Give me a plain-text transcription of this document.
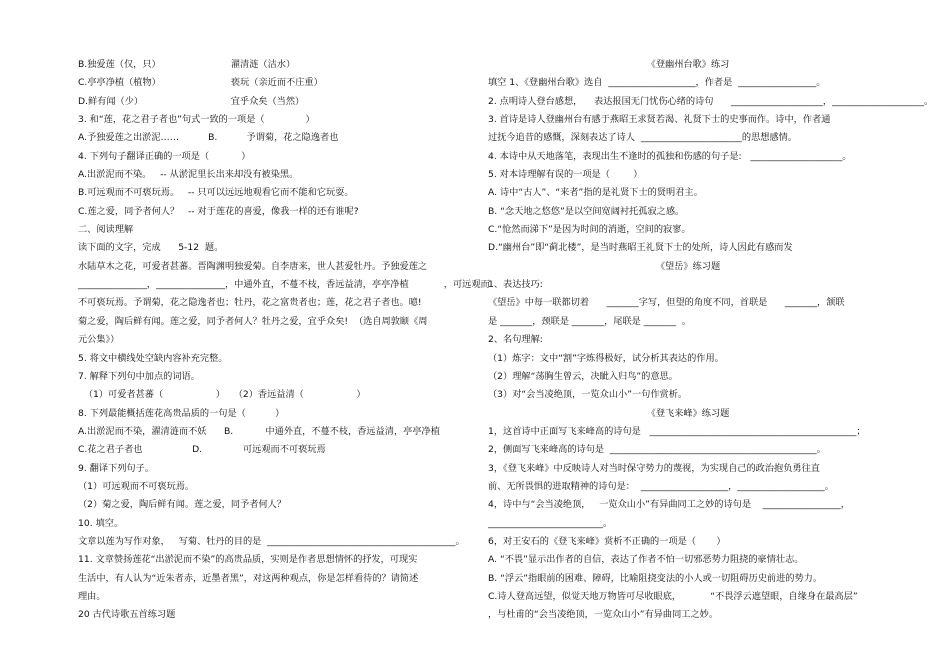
B.独爱莲（仅，只）                        濯清涟（洁水）
C.亭亭净植（植物）                        亵玩（亲近而不庄重）
D.鲜有闻（少）                              宜乎众矣（当然）
3. 和“莲，花之君子者也”句式一致的一项是（              ）
A.予独爱莲之出淤泥……          B.          予谓菊，花之隐逸者也
4. 下列句子翻译正确的一项是（           ）
A.出淤泥而不染。   -- 从淤泥里长出来却没有被染黑。
B.可远观而不可亵玩焉。   -- 只可以远远地观看它而不能和它玩耍。
C.莲之爱，同予者何人？   -- 对于莲花的喜爱，像我一样的还有谁呢?
二、阅读理解
读下面的文字，完成      5-12  题。
水陆草木之花，可爱者甚蕃。晋陶渊明独爱菊。自李唐来，世人甚爱牡丹。予独爱莲之
_______________，_______________，中通外直，不蔓不枝，香远益清，亭亭净植            ，可远观而
不可亵玩焉。予谓菊，花之隐逸者也；牡丹，花之富贵者也；莲，花之君子者也。噫!
菊之爱，陶后鲜有闻。莲之爱，同予者何人？牡丹之爱，宜乎众矣!  （选自周敦颐《周
元公集》）
5. 将文中横线处空缺内容补充完整。
7. 解释下列句中加点的词语。
（1）可爱者甚蕃（                  ）   （2）香远益清（                  ）
8. 下列最能概括莲花高贵品质的一句是（          ）
A.出淤泥而不染，濯清涟而不妖      B.           中通外直，不蔓不枝，香远益清，亭亭净植
C.花之君子者也                 D.              可远观而不可亵玩焉
9. 翻译下列句子。
（1）可远观而不可亵玩焉。
（2）菊之爱，陶后鲜有闻。莲之爱，同予者何人？
10. 填空。
文章以莲为写作对象，   写菊、牡丹的目的是  _________________________________________。
11. 文章赞扬莲花“出淤泥而不染”的高贵品质，实则是作者思想情怀的抒发，可现实
生活中，有人认为“近朱者赤，近墨者黑”，对这两种观点，你是怎样看待的？请简述
理由。
20 古代诗歌五首练习题
《登幽州台歌》练习
填空 1、《登幽州台歌》选自  ___________________，作者是  _________________。
2. 点明诗人登台感想，    表达报国无门忧伤心绪的诗句      ____________________，____________________。
3. 首诗是诗人登幽州台有感于燕昭王求贤若渴、礼贤下士的史事而作。诗中，作者通
过抚今追昔的感慨，深刻表达了诗人  ______________________的思想感情。
4. 本诗中从天地落笔，表现出生不逢时的孤独和伤感的句子是:   ____________________。
5. 对本诗理解有误的一项是（        ）
A. 诗中“古人”、“来者”指的是礼贤下士的贤明君主。
B. “念天地之悠悠”是以空间宽阔衬托孤寂之感。
C.“怆然而涕下”是因为时间的消逝，空间的寂寥。
D.“幽州台”即“蓟北楼”，是当时燕昭王礼贤下士的处所，诗人因此有感而发
《望岳》练习题
1、表达技巧:
《望岳》中每一联都切着      _______字写，但望的角度不同，首联是      _______，颔联
是 _______，颈联是 _______，尾联是 _______  。
2、名句理解:
（1）炼字：文中“割”字炼得极好，试分析其表达的作用。
（2）理解“荡胸生曾云，决眦入归鸟”的意思。
（3）对“会当凌绝顶，一览众山小”一句作赏析。
《登飞来峰》练习题
1，这首诗中正面写飞来峰高的诗句是   _____________________________________________；
2，侧面写飞来峰高的诗句是  _____________________________________________。
3，《登飞来峰》中反映诗人对当时保守势力的蔑视，为实现自己的政治抱负勇往直
前、无所畏惧的进取精神的诗句是：  ___________________，___________________。
4，诗中与“会当凌绝顶，   一览众山小”有异曲同工之妙的诗句是    _________________，
_________________________。
6，对王安石的《登飞来峰》赏析不正确的一项是（       ）
A. “不畏”显示出作者的自信，表达了作者不怕一切邪恶势力阻挠的豪情壮志。
B. “浮云”指眼前的困难、障碍，比喻阻挠变法的小人或一切阻碍历史前进的势力。
C.诗人登高远望，似觉天地万物皆可尽收眼底，          “不畏浮云遮望眼，自缘身在最高层”
，与杜甫的“会当凌绝顶，一览众山小”有异曲同工之妙。
